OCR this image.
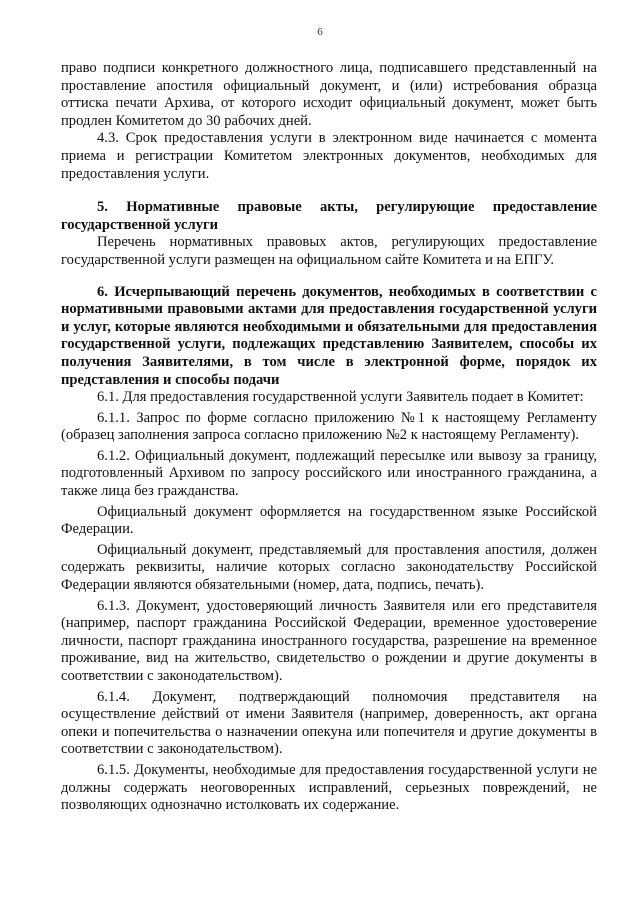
6

право подписи конкретного должностного лица, подписавшего представленный на проставление апостиля официальный документ, и (или) истребования образца оттиска печати Архива, от которого исходит официальный документ, может быть продлен Комитетом до 30 рабочих дней.

4.3. Срок предоставления услуги в электронном виде начинается с момента приема и регистрации Комитетом электронных документов, необходимых для предоставления услуги.

5. Нормативные правовые акты, регулирующие предоставление государственной услуги

Перечень нормативных правовых актов, регулирующих предоставление государственной услуги размещен на официальном сайте Комитета и на ЕПГУ.

6. Исчерпывающий перечень документов, необходимых в соответствии с нормативными правовыми актами для предоставления государственной услуги и услуг, которые являются необходимыми и обязательными для предоставления государственной услуги, подлежащих представлению Заявителем, способы их получения Заявителями, в том числе в электронной форме, порядок их представления и способы подачи

6.1. Для предоставления государственной услуги Заявитель подает в Комитет:

6.1.1. Запрос по форме согласно приложению №1 к настоящему Регламенту (образец заполнения запроса согласно приложению №2 к настоящему Регламенту).

6.1.2. Официальный документ, подлежащий пересылке или вывозу за границу, подготовленный Архивом по запросу российского или иностранного гражданина, а также лица без гражданства.

Официальный документ оформляется на государственном языке Российской Федерации.

Официальный документ, представляемый для проставления апостиля, должен содержать реквизиты, наличие которых согласно законодательству Российской Федерации являются обязательными (номер, дата, подпись, печать).

6.1.3. Документ, удостоверяющий личность Заявителя или его представителя (например, паспорт гражданина Российской Федерации, временное удостоверение личности, паспорт гражданина иностранного государства, разрешение на временное проживание, вид на жительство, свидетельство о рождении и другие документы в соответствии с законодательством).

6.1.4. Документ, подтверждающий полномочия представителя на осуществление действий от имени Заявителя (например, доверенность, акт органа опеки и попечительства о назначении опекуна или попечителя и другие документы в соответствии с законодательством).

6.1.5. Документы, необходимые для предоставления государственной услуги не должны содержать неоговоренных исправлений, серьезных повреждений, не позволяющих однозначно истолковать их содержание.
